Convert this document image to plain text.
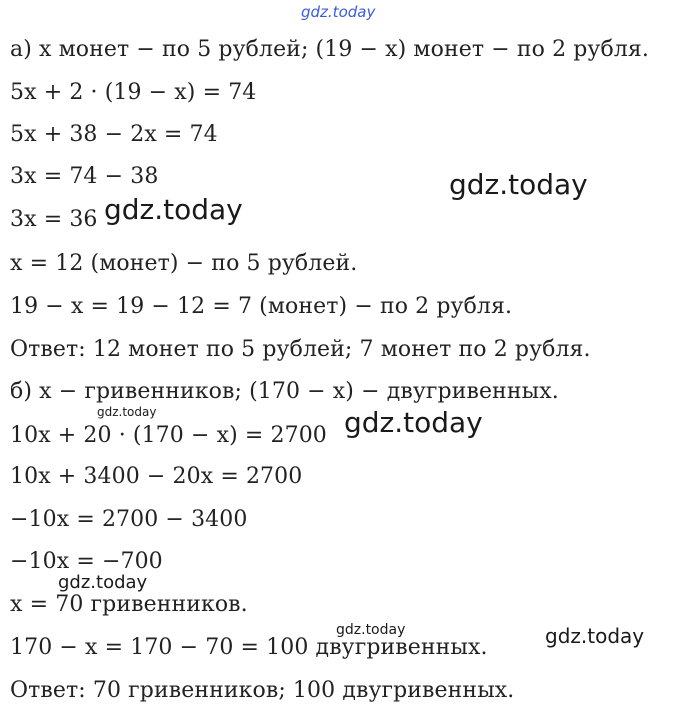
gdz.today
а) x монет − по 5 рублей; (19 − x) монет − по 2 рубля.
5x + 2 · (19 − x) = 74
5x + 38 − 2x = 74
3x = 74 − 38
3x = 36
x = 12 (монет) − по 5 рублей.
19 − x = 19 − 12 = 7 (монет) − по 2 рубля.
Ответ: 12 монет по 5 рублей; 7 монет по 2 рубля.
б) x − гривенников; (170 − x) − двугривенных.
10x + 20 · (170 − x) = 2700
10x + 3400 − 20x = 2700
−10x = 2700 − 3400
−10x = −700
x = 70 гривенников.
170 − x = 170 − 70 = 100 двугривенных.
Ответ: 70 гривенников; 100 двугривенных.
gdz.today
gdz.today
gdz.today	gdz.today
gdz.today
gdz.today	gdz.today
